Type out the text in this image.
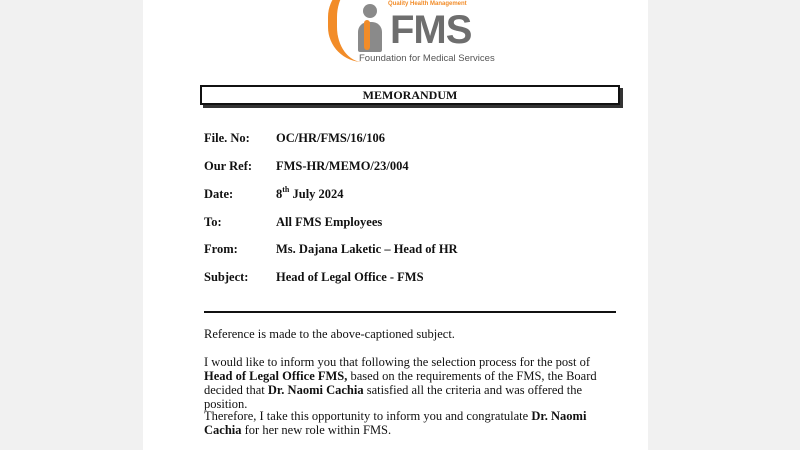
Quality Health Management
FMS
Foundation for Medical Services
MEMORANDUM
File. No:	OC/HR/FMS/16/106
Our Ref:	FMS-HR/MEMO/23/004
Date:	8th July 2024
To:	All FMS Employees
From:	Ms. Dajana Laketic – Head of HR
Subject:	Head of Legal Office - FMS
Reference is made to the above-captioned subject.
I would like to inform you that following the selection process for the post of Head of Legal Office FMS, based on the requirements of the FMS, the Board decided that Dr. Naomi Cachia satisfied all the criteria and was offered the position.
Therefore, I take this opportunity to inform you and congratulate Dr. Naomi Cachia for her new role within FMS.
